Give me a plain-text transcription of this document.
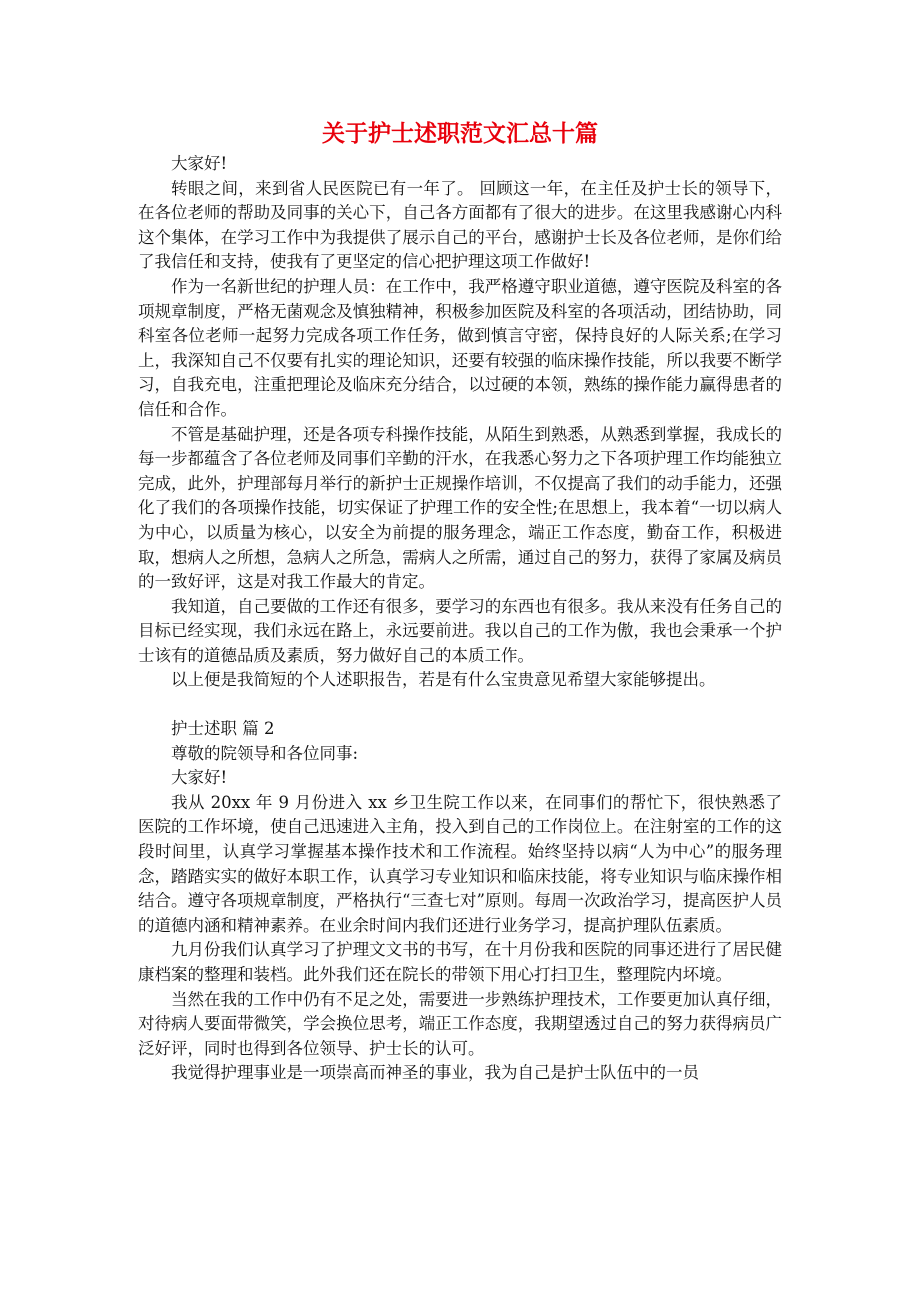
关于护士述职范文汇总十篇

大家好!

转眼之间，来到省人民医院已有一年了。 回顾这一年，在主任及护士长的领导下，在各位老师的帮助及同事的关心下，自己各方面都有了很大的进步。在这里我感谢心内科这个集体，在学习工作中为我提供了展示自己的平台，感谢护士长及各位老师，是你们给了我信任和支持，使我有了更坚定的信心把护理这项工作做好!

作为一名新世纪的护理人员：在工作中，我严格遵守职业道德，遵守医院及科室的各项规章制度，严格无菌观念及慎独精神，积极参加医院及科室的各项活动，团结协助，同科室各位老师一起努力完成各项工作任务，做到慎言守密，保持良好的人际关系;在学习上，我深知自己不仅要有扎实的理论知识，还要有较强的临床操作技能，所以我要不断学习，自我充电，注重把理论及临床充分结合，以过硬的本领，熟练的操作能力赢得患者的信任和合作。

不管是基础护理，还是各项专科操作技能，从陌生到熟悉，从熟悉到掌握，我成长的每一步都蕴含了各位老师及同事们辛勤的汗水，在我悉心努力之下各项护理工作均能独立完成，此外，护理部每月举行的新护士正规操作培训，不仅提高了我们的动手能力，还强化了我们的各项操作技能，切实保证了护理工作的安全性;在思想上，我本着“一切以病人为中心，以质量为核心，以安全为前提的服务理念，端正工作态度，勤奋工作，积极进取，想病人之所想，急病人之所急，需病人之所需，通过自己的努力，获得了家属及病员的一致好评，这是对我工作最大的肯定。

我知道，自己要做的工作还有很多，要学习的东西也有很多。我从来没有任务自己的目标已经实现，我们永远在路上，永远要前进。我以自己的工作为傲，我也会秉承一个护士该有的道德品质及素质，努力做好自己的本质工作。

以上便是我简短的个人述职报告，若是有什么宝贵意见希望大家能够提出。

护士述职 篇 2

尊敬的院领导和各位同事:

大家好!

我从 20xx 年 9 月份进入 xx 乡卫生院工作以来，在同事们的帮忙下，很快熟悉了医院的工作坏境，使自己迅速进入主角，投入到自己的工作岗位上。在注射室的工作的这段时间里，认真学习掌握基本操作技术和工作流程。始终坚持以病“人为中心”的服务理念，踏踏实实的做好本职工作，认真学习专业知识和临床技能，将专业知识与临床操作相结合。遵守各项规章制度，严格执行“三查七对”原则。每周一次政治学习，提高医护人员的道德内涵和精神素养。在业余时间内我们还进行业务学习，提高护理队伍素质。

九月份我们认真学习了护理文文书的书写，在十月份我和医院的同事还进行了居民健康档案的整理和装档。此外我们还在院长的带领下用心打扫卫生，整理院内坏境。

当然在我的工作中仍有不足之处，需要进一步熟练护理技术，工作要更加认真仔细，对待病人要面带微笑，学会换位思考，端正工作态度，我期望透过自己的努力获得病员广泛好评，同时也得到各位领导、护士长的认可。

我觉得护理事业是一项崇高而神圣的事业，我为自己是护士队伍中的一员
